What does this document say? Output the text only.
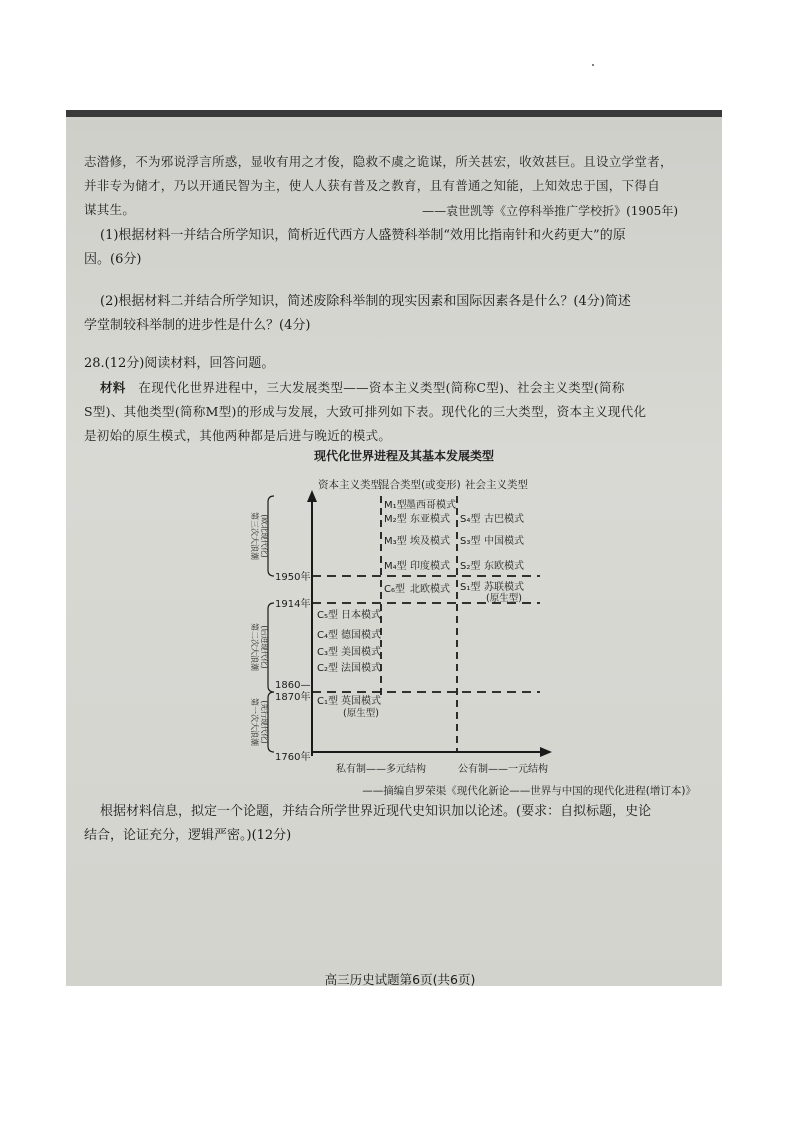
志潜修，不为邪说浮言所惑，显收有用之才俊，隐救不虞之诡谋，所关甚宏，收效甚巨。且设立学堂者，
并非专为储才，乃以开通民智为主，使人人获有普及之教育，且有普通之知能，上知效忠于国，下得自
谋其生。	——袁世凯等《立停科举推广学校折》(1905年)
(1)根据材料一并结合所学知识，简析近代西方人盛赞科举制“效用比指南针和火药更大”的原
因。(6分)
(2)根据材料二并结合所学知识，简述废除科举制的现实因素和国际因素各是什么？(4分)简述
学堂制较科举制的进步性是什么？(4分)
28.(12分)阅读材料，回答问题。
材料　 在现代化世界进程中，三大发展类型——资本主义类型(简称C型)、社会主义类型(简称
S型)、其他类型(简称M型)的形成与发展，大致可排列如下表。现代化的三大类型，资本主义现代化
是初始的原生模式，其他两种都是后进与晚近的模式。
现代化世界进程及其基本发展类型
资本主义类型
混合类型(或变形) 社会主义类型
1950年
1914年
1860—
1870年
1760年
第三次大浪潮 (欧北现代化)
第二次大浪潮 (后进现代化)
第一次大浪潮 (先行现代化)
M₁型 墨西哥模式
M₂型 东亚模式
M₃型 埃及模式
M₄型 印度模式
C₆型 北欧模式
S₄型 古巴模式
S₃型 中国模式
S₂型 东欧模式
S₁型 苏联模式
(原生型)
C₅型 日本模式
C₄型 德国模式
C₃型 美国模式
C₂型 法国模式
C₁型 英国模式
(原生型)
私有制——多元结构	公有制——一元结构
——摘编自罗荣渠《现代化新论——世界与中国的现代化进程(增订本)》
根据材料信息，拟定一个论题，并结合所学世界近现代史知识加以论述。(要求：自拟标题，史论
结合，论证充分，逻辑严密。)(12分)
高三历史试题第6页(共6页)
